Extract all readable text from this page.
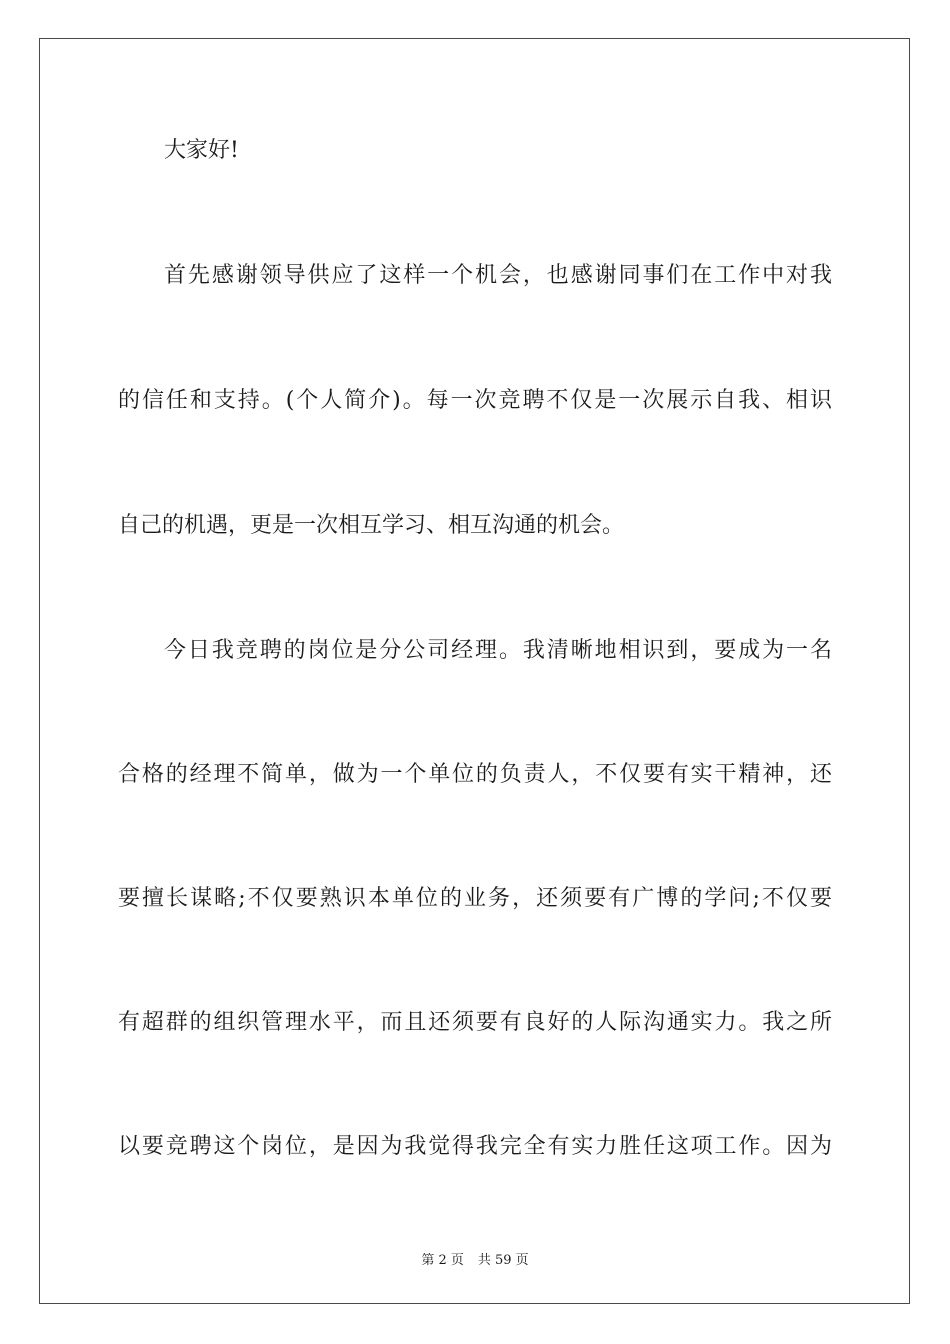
大家好!
首先感谢领导供应了这样一个机会，也感谢同事们在工作中对我
的信任和支持。(个人简介)。每一次竞聘不仅是一次展示自我、相识
自己的机遇，更是一次相互学习、相互沟通的机会。
今日我竞聘的岗位是分公司经理。我清晰地相识到，要成为一名
合格的经理不简单，做为一个单位的负责人，不仅要有实干精神，还
要擅长谋略;不仅要熟识本单位的业务，还须要有广博的学问;不仅要
有超群的组织管理水平，而且还须要有良好的人际沟通实力。我之所
以要竞聘这个岗位，是因为我觉得我完全有实力胜任这项工作。因为
第 2 页 共 59 页
